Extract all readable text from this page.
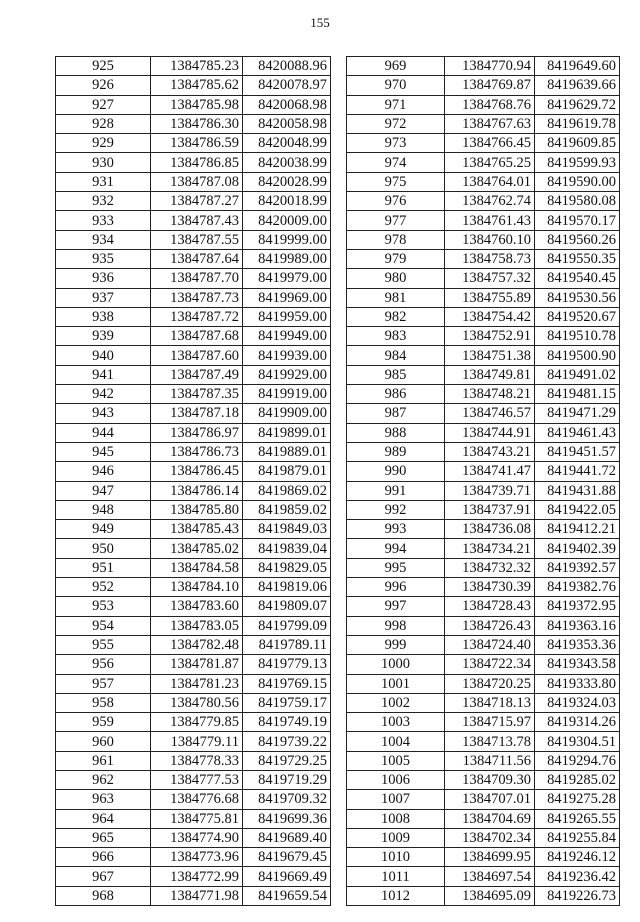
155
925	1384785.23	8420088.96
926	1384785.62	8420078.97
927	1384785.98	8420068.98
928	1384786.30	8420058.98
929	1384786.59	8420048.99
930	1384786.85	8420038.99
931	1384787.08	8420028.99
932	1384787.27	8420018.99
933	1384787.43	8420009.00
934	1384787.55	8419999.00
935	1384787.64	8419989.00
936	1384787.70	8419979.00
937	1384787.73	8419969.00
938	1384787.72	8419959.00
939	1384787.68	8419949.00
940	1384787.60	8419939.00
941	1384787.49	8419929.00
942	1384787.35	8419919.00
943	1384787.18	8419909.00
944	1384786.97	8419899.01
945	1384786.73	8419889.01
946	1384786.45	8419879.01
947	1384786.14	8419869.02
948	1384785.80	8419859.02
949	1384785.43	8419849.03
950	1384785.02	8419839.04
951	1384784.58	8419829.05
952	1384784.10	8419819.06
953	1384783.60	8419809.07
954	1384783.05	8419799.09
955	1384782.48	8419789.11
956	1384781.87	8419779.13
957	1384781.23	8419769.15
958	1384780.56	8419759.17
959	1384779.85	8419749.19
960	1384779.11	8419739.22
961	1384778.33	8419729.25
962	1384777.53	8419719.29
963	1384776.68	8419709.32
964	1384775.81	8419699.36
965	1384774.90	8419689.40
966	1384773.96	8419679.45
967	1384772.99	8419669.49
968	1384771.98	8419659.54
969	1384770.94	8419649.60
970	1384769.87	8419639.66
971	1384768.76	8419629.72
972	1384767.63	8419619.78
973	1384766.45	8419609.85
974	1384765.25	8419599.93
975	1384764.01	8419590.00
976	1384762.74	8419580.08
977	1384761.43	8419570.17
978	1384760.10	8419560.26
979	1384758.73	8419550.35
980	1384757.32	8419540.45
981	1384755.89	8419530.56
982	1384754.42	8419520.67
983	1384752.91	8419510.78
984	1384751.38	8419500.90
985	1384749.81	8419491.02
986	1384748.21	8419481.15
987	1384746.57	8419471.29
988	1384744.91	8419461.43
989	1384743.21	8419451.57
990	1384741.47	8419441.72
991	1384739.71	8419431.88
992	1384737.91	8419422.05
993	1384736.08	8419412.21
994	1384734.21	8419402.39
995	1384732.32	8419392.57
996	1384730.39	8419382.76
997	1384728.43	8419372.95
998	1384726.43	8419363.16
999	1384724.40	8419353.36
1000	1384722.34	8419343.58
1001	1384720.25	8419333.80
1002	1384718.13	8419324.03
1003	1384715.97	8419314.26
1004	1384713.78	8419304.51
1005	1384711.56	8419294.76
1006	1384709.30	8419285.02
1007	1384707.01	8419275.28
1008	1384704.69	8419265.55
1009	1384702.34	8419255.84
1010	1384699.95	8419246.12
1011	1384697.54	8419236.42
1012	1384695.09	8419226.73
